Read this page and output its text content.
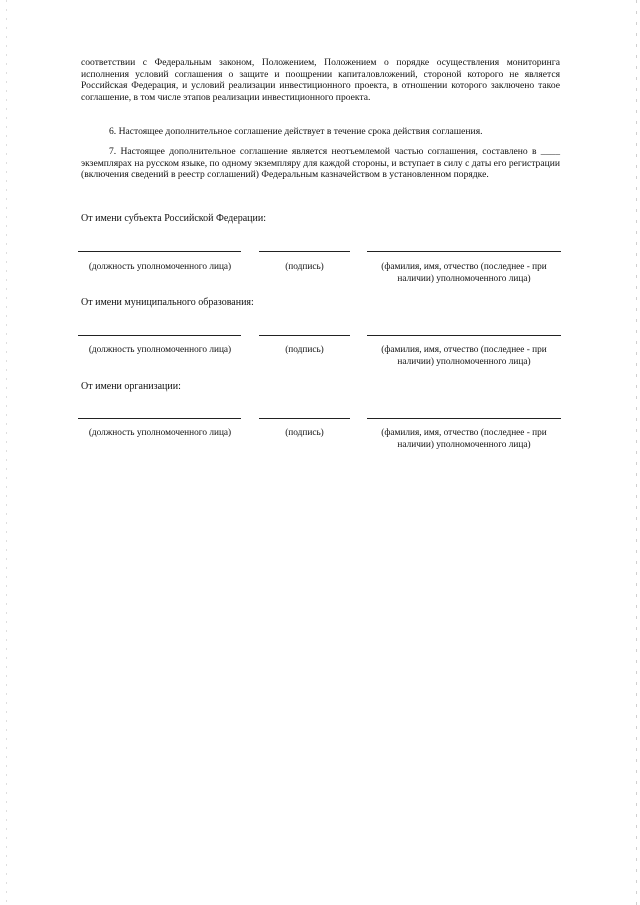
соответствии с Федеральным законом, Положением, Положением о порядке осуществления мониторинга исполнения условий соглашения о защите и поощрении капиталовложений, стороной которого не является Российская Федерация, и условий реализации инвестиционного проекта, в отношении которого заключено такое соглашение, в том числе этапов реализации инвестиционного проекта.

6. Настоящее дополнительное соглашение действует в течение срока действия соглашения.

7. Настоящее дополнительное соглашение является неотъемлемой частью соглашения, составлено в ____ экземплярах на русском языке, по одному экземпляру для каждой стороны, и вступает в силу с даты его регистрации (включения сведений в реестр соглашений) Федеральным казначейством в установленном порядке.

От имени субъекта Российской Федерации:
(должность уполномоченного лица)	(подпись)	(фамилия, имя, отчество (последнее - при наличии) уполномоченного лица)
От имени муниципального образования:
(должность уполномоченного лица)	(подпись)	(фамилия, имя, отчество (последнее - при наличии) уполномоченного лица)
От имени организации:
(должность уполномоченного лица)	(подпись)	(фамилия, имя, отчество (последнее - при наличии) уполномоченного лица)
